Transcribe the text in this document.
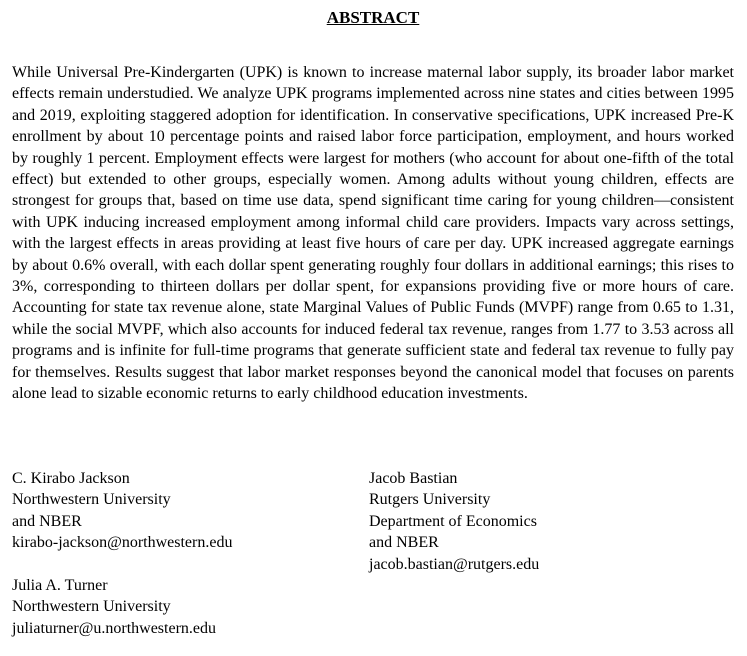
ABSTRACT

While Universal Pre-Kindergarten (UPK) is known to increase maternal labor supply, its broader labor market effects remain understudied. We analyze UPK programs implemented across nine states and cities between 1995 and 2019, exploiting staggered adoption for identification. In conservative specifications, UPK increased Pre-K enrollment by about 10 percentage points and raised labor force participation, employment, and hours worked by roughly 1 percent. Employment effects were largest for mothers (who account for about one-fifth of the total effect) but extended to other groups, especially women. Among adults without young children, effects are strongest for groups that, based on time use data, spend significant time caring for young children—consistent with UPK inducing increased employment among informal child care providers. Impacts vary across settings, with the largest effects in areas providing at least five hours of care per day. UPK increased aggregate earnings by about 0.6% overall, with each dollar spent generating roughly four dollars in additional earnings; this rises to 3%, corresponding to thirteen dollars per dollar spent, for expansions providing five or more hours of care. Accounting for state tax revenue alone, state Marginal Values of Public Funds (MVPF) range from 0.65 to 1.31, while the social MVPF, which also accounts for induced federal tax revenue, ranges from 1.77 to 3.53 across all programs and is infinite for full-time programs that generate sufficient state and federal tax revenue to fully pay for themselves. Results suggest that labor market responses beyond the canonical model that focuses on parents alone lead to sizable economic returns to early childhood education investments.

C. Kirabo Jackson
Northwestern University
and NBER
kirabo-jackson@northwestern.edu
Jacob Bastian
Rutgers University
Department of Economics
and NBER
jacob.bastian@rutgers.edu
Julia A. Turner
Northwestern University
juliaturner@u.northwestern.edu
